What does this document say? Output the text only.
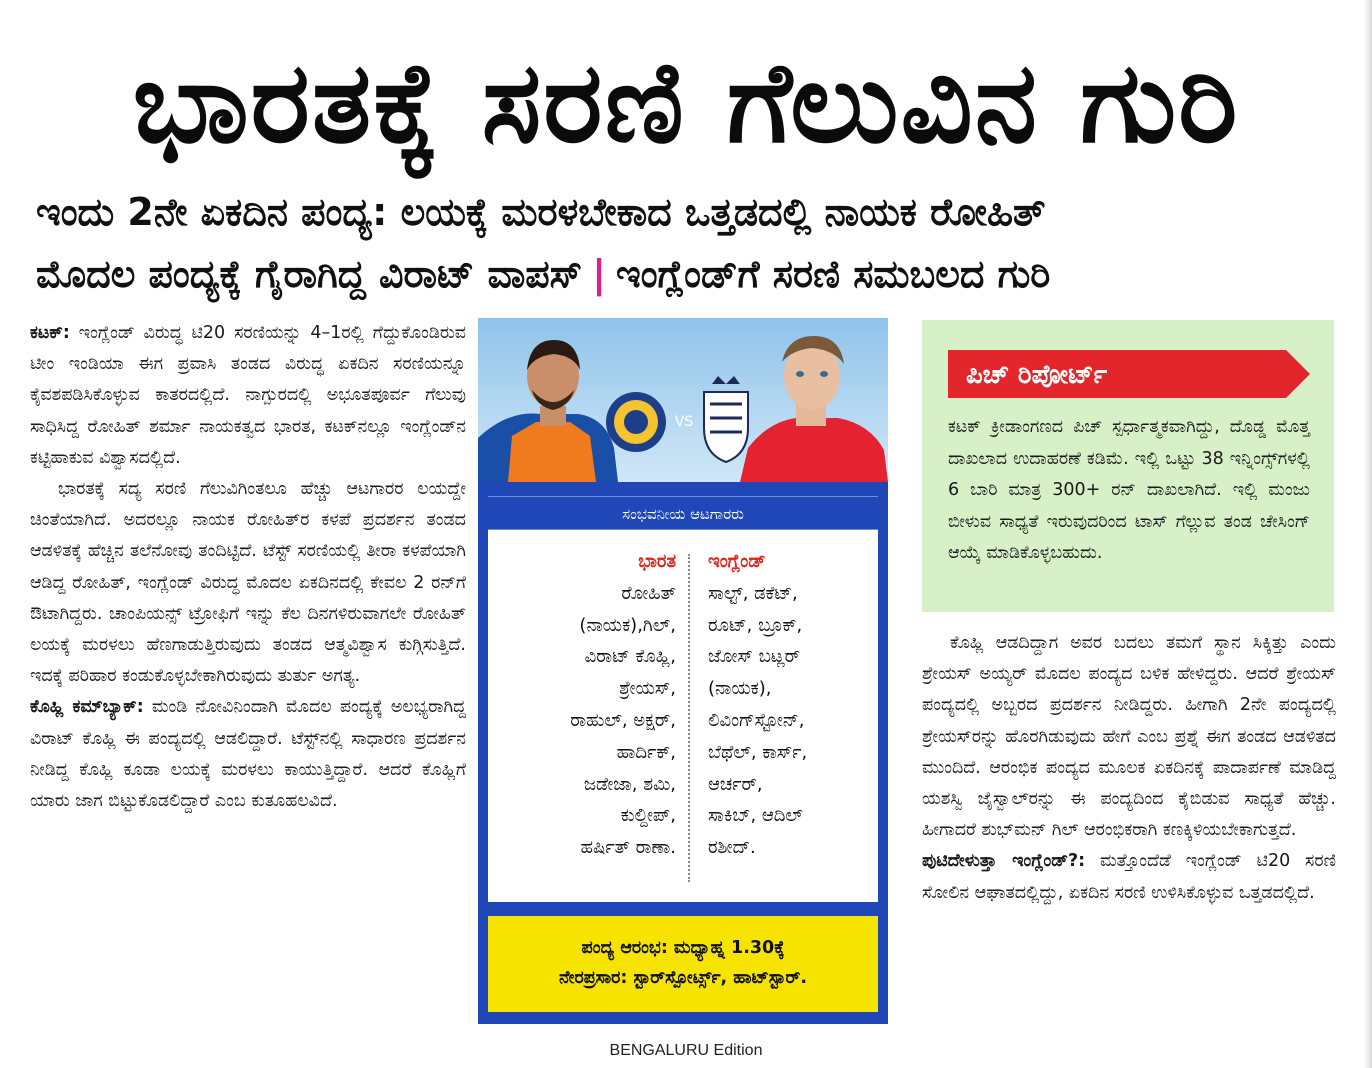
ಭಾರತಕ್ಕೆ ಸರಣಿ ಗೆಲುವಿನ ಗುರಿ
ಇಂದು 2ನೇ ಏಕದಿನ ಪಂದ್ಯ: ಲಯಕ್ಕೆ ಮರಳಬೇಕಾದ ಒತ್ತಡದಲ್ಲಿ ನಾಯಕ ರೋಹಿತ್
ಮೊದಲ ಪಂದ್ಯಕ್ಕೆ ಗೈರಾಗಿದ್ದ ವಿರಾಟ್ ವಾಪಸ್ | ಇಂಗ್ಲೆಂಡ್‌ಗೆ ಸರಣಿ ಸಮಬಲದ ಗುರಿ

ಕಟಕ್: ಇಂಗ್ಲೆಂಡ್ ವಿರುದ್ಧ ಟಿ20 ಸರಣಿಯನ್ನು 4–1ರಲ್ಲಿ ಗೆದ್ದುಕೊಂಡಿರುವ ಟೀಂ ಇಂಡಿಯಾ ಈಗ ಪ್ರವಾಸಿ ತಂಡದ ವಿರುದ್ಧ ಏಕದಿನ ಸರಣಿಯನ್ನೂ ಕೈವಶಪಡಿಸಿಕೊಳ್ಳುವ ಕಾತರದಲ್ಲಿದೆ. ನಾಗ್ಪುರದಲ್ಲಿ ಅಭೂತಪೂರ್ವ ಗೆಲುವು ಸಾಧಿಸಿದ್ದ ರೋಹಿತ್ ಶರ್ಮಾ ನಾಯಕತ್ವದ ಭಾರತ, ಕಟಕ್‌ನಲ್ಲೂ ಇಂಗ್ಲೆಂಡ್‌ನ ಕಟ್ಟಿಹಾಕುವ ವಿಶ್ವಾಸದಲ್ಲಿದೆ.

ಭಾರತಕ್ಕೆ ಸದ್ಯ ಸರಣಿ ಗೆಲುವಿಗಿಂತಲೂ ಹೆಚ್ಚು ಆಟಗಾರರ ಲಯದ್ದೇ ಚಿಂತೆಯಾಗಿದೆ. ಅದರಲ್ಲೂ ನಾಯಕ ರೋಹಿತ್‌ರ ಕಳಪೆ ಪ್ರದರ್ಶನ ತಂಡದ ಆಡಳಿತಕ್ಕೆ ಹೆಚ್ಚಿನ ತಲೆನೋವು ತಂದಿಟ್ಟಿದೆ. ಟೆಸ್ಟ್ ಸರಣಿಯಲ್ಲಿ ತೀರಾ ಕಳಪೆಯಾಗಿ ಆಡಿದ್ದ ರೋಹಿತ್, ಇಂಗ್ಲೆಂಡ್ ವಿರುದ್ಧ ಮೊದಲ ಏಕದಿನದಲ್ಲಿ ಕೇವಲ 2 ರನ್‌ಗೆ ಔಟಾಗಿದ್ದರು. ಚಾಂಪಿಯನ್ಸ್ ಟ್ರೋಫಿಗೆ ಇನ್ನು ಕೆಲ ದಿನಗಳಿರುವಾಗಲೇ ರೋಹಿತ್ ಲಯಕ್ಕೆ ಮರಳಲು ಹೆಣಗಾಡುತ್ತಿರುವುದು ತಂಡದ ಆತ್ಮವಿಶ್ವಾಸ ಕುಗ್ಗಿಸುತ್ತಿದೆ. ಇದಕ್ಕೆ ಪರಿಹಾರ ಕಂಡುಕೊಳ್ಳಬೇಕಾಗಿರುವುದು ತುರ್ತು ಅಗತ್ಯ.

ಕೊಹ್ಲಿ ಕಮ್‌ಬ್ಯಾಕ್: ಮಂಡಿ ನೋವಿನಿಂದಾಗಿ ಮೊದಲ ಪಂದ್ಯಕ್ಕೆ ಅಲಭ್ಯರಾಗಿದ್ದ ವಿರಾಟ್ ಕೊಹ್ಲಿ ಈ ಪಂದ್ಯದಲ್ಲಿ ಆಡಲಿದ್ದಾರೆ. ಟೆಸ್ಟ್‌ನಲ್ಲಿ ಸಾಧಾರಣ ಪ್ರದರ್ಶನ ನೀಡಿದ್ದ ಕೊಹ್ಲಿ ಕೂಡಾ ಲಯಕ್ಕೆ ಮರಳಲು ಕಾಯುತ್ತಿದ್ದಾರೆ. ಆದರೆ ಕೊಹ್ಲಿಗೆ ಯಾರು ಜಾಗ ಬಿಟ್ಟುಕೊಡಲಿದ್ದಾರೆ ಎಂಬ ಕುತೂಹಲವಿದೆ.

VS
ಸಂಭವನೀಯ ಆಟಗಾರರು
ಭಾರತ
ರೋಹಿತ್
(ನಾಯಕ),ಗಿಲ್,
ವಿರಾಟ್ ಕೊಹ್ಲಿ,
ಶ್ರೇಯಸ್,
ರಾಹುಲ್, ಅಕ್ಷರ್,
ಹಾರ್ದಿಕ್,
ಜಡೇಜಾ, ಶಮಿ,
ಕುಲ್ದೀಪ್,
ಹರ್ಷಿತ್ ರಾಣಾ.
ಇಂಗ್ಲೆಂಡ್
ಸಾಲ್ಟ್, ಡಕೆಟ್,
ರೂಟ್, ಬ್ರೂಕ್,
ಜೋಸ್ ಬಟ್ಲರ್
(ನಾಯಕ),
ಲಿವಿಂಗ್‌ಸ್ಟೋನ್,
ಬೆಥೆಲ್, ಕಾರ್ಸ್,
ಆರ್ಚರ್,
ಸಾಕಿಬ್, ಆದಿಲ್
ರಶೀದ್.
ಪಂದ್ಯ ಆರಂಭ: ಮಧ್ಯಾಹ್ನ 1.30ಕ್ಕೆ
ನೇರಪ್ರಸಾರ: ಸ್ಟಾರ್‌ಸ್ಪೋರ್ಟ್ಸ್, ಹಾಟ್‌ಸ್ಟಾರ್.
ಪಿಚ್ ರಿಪೋರ್ಟ್
ಕಟಕ್ ಕ್ರೀಡಾಂಗಣದ ಪಿಚ್ ಸ್ಪರ್ಧಾತ್ಮಕವಾಗಿದ್ದು, ದೊಡ್ಡ ಮೊತ್ತ ದಾಖಲಾದ ಉದಾಹರಣೆ ಕಡಿಮೆ. ಇಲ್ಲಿ ಒಟ್ಟು 38 ಇನ್ನಿಂಗ್ಸ್‌ಗಳಲ್ಲಿ 6 ಬಾರಿ ಮಾತ್ರ 300+ ರನ್ ದಾಖಲಾಗಿದೆ. ಇಲ್ಲಿ ಮಂಜು ಬೀಳುವ ಸಾಧ್ಯತೆ ಇರುವುದರಿಂದ ಟಾಸ್ ಗೆಲ್ಲುವ ತಂಡ ಚೇಸಿಂಗ್ ಆಯ್ಕೆ ಮಾಡಿಕೊಳ್ಳಬಹುದು.

ಕೊಹ್ಲಿ ಆಡದಿದ್ದಾಗ ಅವರ ಬದಲು ತಮಗೆ ಸ್ಥಾನ ಸಿಕ್ಕಿತ್ತು ಎಂದು ಶ್ರೇಯಸ್ ಅಯ್ಯರ್ ಮೊದಲ ಪಂದ್ಯದ ಬಳಿಕ ಹೇಳಿದ್ದರು. ಆದರೆ ಶ್ರೇಯಸ್ ಪಂದ್ಯದಲ್ಲಿ ಅಬ್ಬರದ ಪ್ರದರ್ಶನ ನೀಡಿದ್ದರು. ಹೀಗಾಗಿ 2ನೇ ಪಂದ್ಯದಲ್ಲಿ ಶ್ರೇಯಸ್‌ರನ್ನು ಹೊರಗಿಡುವುದು ಹೇಗೆ ಎಂಬ ಪ್ರಶ್ನೆ ಈಗ ತಂಡದ ಆಡಳಿತದ ಮುಂದಿದೆ. ಆರಂಭಿಕ ಪಂದ್ಯದ ಮೂಲಕ ಏಕದಿನಕ್ಕೆ ಪಾದಾರ್ಪಣೆ ಮಾಡಿದ್ದ ಯಶಸ್ವಿ ಜೈಸ್ವಾಲ್‌ರನ್ನು ಈ ಪಂದ್ಯದಿಂದ ಕೈಬಿಡುವ ಸಾಧ್ಯತೆ ಹೆಚ್ಚು. ಹೀಗಾದರೆ ಶುಭ್‌ಮನ್ ಗಿಲ್ ಆರಂಭಿಕರಾಗಿ ಕಣಕ್ಕಿಳಿಯಬೇಕಾಗುತ್ತದೆ.

ಪುಟಿದೇಳುತ್ತಾ ಇಂಗ್ಲೆಂಡ್?: ಮತ್ತೊಂದೆಡೆ ಇಂಗ್ಲೆಂಡ್ ಟಿ20 ಸರಣಿ ಸೋಲಿನ ಆಘಾತದಲ್ಲಿದ್ದು, ಏಕದಿನ ಸರಣಿ ಉಳಿಸಿಕೊಳ್ಳುವ ಒತ್ತಡದಲ್ಲಿದೆ.

BENGALURU Edition
